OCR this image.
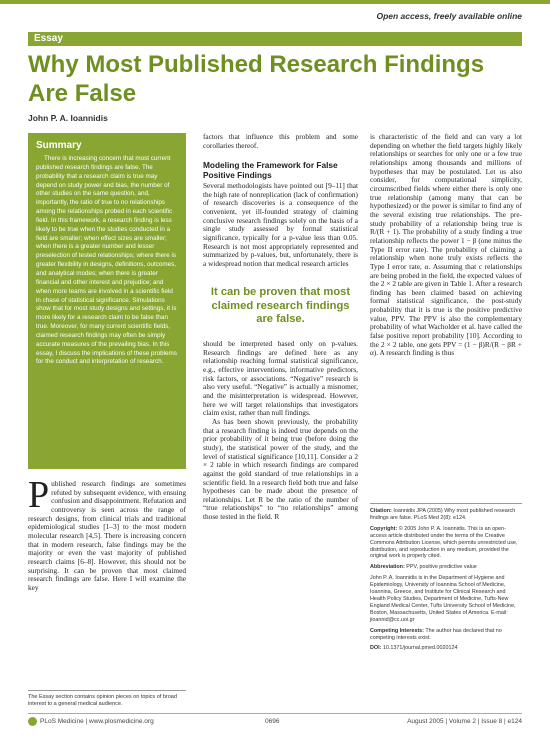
Open access, freely available online
Essay
Why Most Published Research Findings Are False
John P. A. Ioannidis
Summary

There is increasing concern that most current published research findings are false. The probability that a research claim is true may depend on study power and bias, the number of other studies on the same question, and, importantly, the ratio of true to no relationships among the relationships probed in each scientific field. In this framework, a research finding is less likely to be true when the studies conducted in a field are smaller; when effect sizes are smaller; when there is a greater number and lesser preselection of tested relationships; where there is greater flexibility in designs, definitions, outcomes, and analytical modes; when there is greater financial and other interest and prejudice; and when more teams are involved in a scientific field in chase of statistical significance. Simulations show that for most study designs and settings, it is more likely for a research claim to be false than true. Moreover, for many current scientific fields, claimed research findings may often be simply accurate measures of the prevailing bias. In this essay, I discuss the implications of these problems for the conduct and interpretation of research.

P ublished research findings are sometimes refuted by subsequent evidence, with ensuing confusion and disappointment. Refutation and controversy is seen across the range of research designs, from clinical trials and traditional epidemiological studies [1–3] to the most modern molecular research [4,5]. There is increasing concern that in modern research, false findings may be the majority or even the vast majority of published research claims [6–8]. However, this should not be surprising. It can be proven that most claimed research findings are false. Here I will examine the key
The Essay section contains opinion pieces on topics of broad interest to a general medical audience.

factors that influence this problem and some corollaries thereof.

Modeling the Framework for False Positive Findings

Several methodologists have pointed out [9–11] that the high rate of nonreplication (lack of confirmation) of research discoveries is a consequence of the convenient, yet ill-founded strategy of claiming conclusive research findings solely on the basis of a single study assessed by formal statistical significance, typically for a p-value less than 0.05. Research is not most appropriately represented and summarized by p-values, but, unfortunately, there is a widespread notion that medical research articles

It can be proven that most claimed research findings are false.

should be interpreted based only on p-values. Research findings are defined here as any relationship reaching formal statistical significance, e.g., effective interventions, informative predictors, risk factors, or associations. “Negative” research is also very useful. “Negative” is actually a misnomer, and the misinterpretation is widespread. However, here we will target relationships that investigators claim exist, rather than null findings.

As has been shown previously, the probability that a research finding is indeed true depends on the prior probability of it being true (before doing the study), the statistical power of the study, and the level of statistical significance [10,11]. Consider a 2 × 2 table in which research findings are compared against the gold standard of true relationships in a scientific field. In a research field both true and false hypotheses can be made about the presence of relationships. Let R be the ratio of the number of “true relationships” to “no relationships” among those tested in the field. R

is characteristic of the field and can vary a lot depending on whether the field targets highly likely relationships or searches for only one or a few true relationships among thousands and millions of hypotheses that may be postulated. Let us also consider, for computational simplicity, circumscribed fields where either there is only one true relationship (among many that can be hypothesized) or the power is similar to find any of the several existing true relationships. The pre-study probability of a relationship being true is R/(R + 1). The probability of a study finding a true relationship reflects the power 1 − β (one minus the Type II error rate). The probability of claiming a relationship when none truly exists reflects the Type I error rate, α. Assuming that c relationships are being probed in the field, the expected values of the 2 × 2 table are given in Table 1. After a research finding has been claimed based on achieving formal statistical significance, the post-study probability that it is true is the positive predictive value, PPV. The PPV is also the complementary probability of what Wacholder et al. have called the false positive report probability [10]. According to the 2 × 2 table, one gets PPV = (1 − β)R/(R − βR + α). A research finding is thus

Citation: Ioannidis JPA (2005) Why most published research findings are false. PLoS Med 2(8): e124.

Copyright: © 2005 John P. A. Ioannidis. This is an open-access article distributed under the terms of the Creative Commons Attribution License, which permits unrestricted use, distribution, and reproduction in any medium, provided the original work is properly cited.

Abbreviation: PPV, positive predictive value

John P. A. Ioannidis is in the Department of Hygiene and Epidemiology, University of Ioannina School of Medicine, Ioannina, Greece, and Institute for Clinical Research and Health Policy Studies, Department of Medicine, Tufts-New England Medical Center, Tufts University School of Medicine, Boston, Massachusetts, United States of America. E-mail: jioannid@cc.uoi.gr

Competing Interests: The author has declared that no competing interests exist.

DOI: 10.1371/journal.pmed.0020124

PLoS Medicine | www.plosmedicine.org	0696	August 2005 | Volume 2 | Issue 8 | e124
